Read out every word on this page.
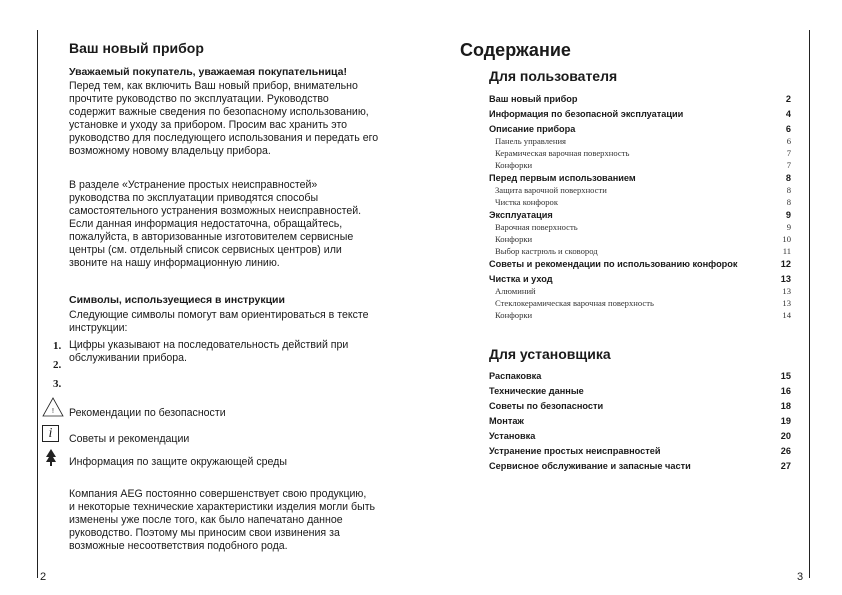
Ваш новый прибор
Уважаемый покупатель, уважаемая покупательница!
Перед тем, как включить Ваш новый прибор, внимательно
прочтите руководство по эксплуатации. Руководство
содержит важные сведения по безопасному использованию,
установке и уходу за прибором. Просим вас хранить это
руководство для последующего использования и передать его
возможному новому владельцу прибора.
В разделе «Устранение простых неисправностей»
руководства по эксплуатации приводятся способы
самостоятельного устранения возможных неисправностей.
Если данная информация недостаточна, обращайтесь,
пожалуйста, в авторизованные изготовителем сервисные
центры (см. отдельный список сервисных центров) или
звоните на нашу информационную линию.
Символы, используещиеся в инструкции
Следующие символы помогут вам ориентироваться в тексте
инструкции:
1.
2.
3.
Цифры указывают на последовательность действий при
обслуживании прибора.
! Рекомендации по безопасности
i	Советы и рекомендации
Информация по защите окружающей среды
Компания AEG постоянно совершенствует свою продукцию,
и некоторые технические характеристики изделия могли быть
изменены уже после того, как было напечатано данное
руководство. Поэтому мы приносим свои извинения за
возможные несоответствия подобного рода.
2
Содержание
Для пользователя
Ваш новый прибор	2
Информация по безопасной эксплуатации	4
Описание прибора	6
Панель управления	6
Керамическая варочная поверхность	7
Конфорки	7
Перед первым использованием	8
Защита варочной поверхности	8
Чистка конфорок	8
Эксплуатация	9
Варочная поверхность	9
Конфорки	10
Выбор кастрюль и сковород	11
Советы и рекомендации по использованию конфорок	12
Чистка и уход	13
Алюминий	13
Стеклокерамическая варочная поверхность	13
Конфорки	14
Для установщика
Распаковка	15
Технические данные	16
Советы по безопасности	18
Монтаж	19
Установка	20
Устранение простых неисправностей	26
Сервисное обслуживание и запасные части	27
3
